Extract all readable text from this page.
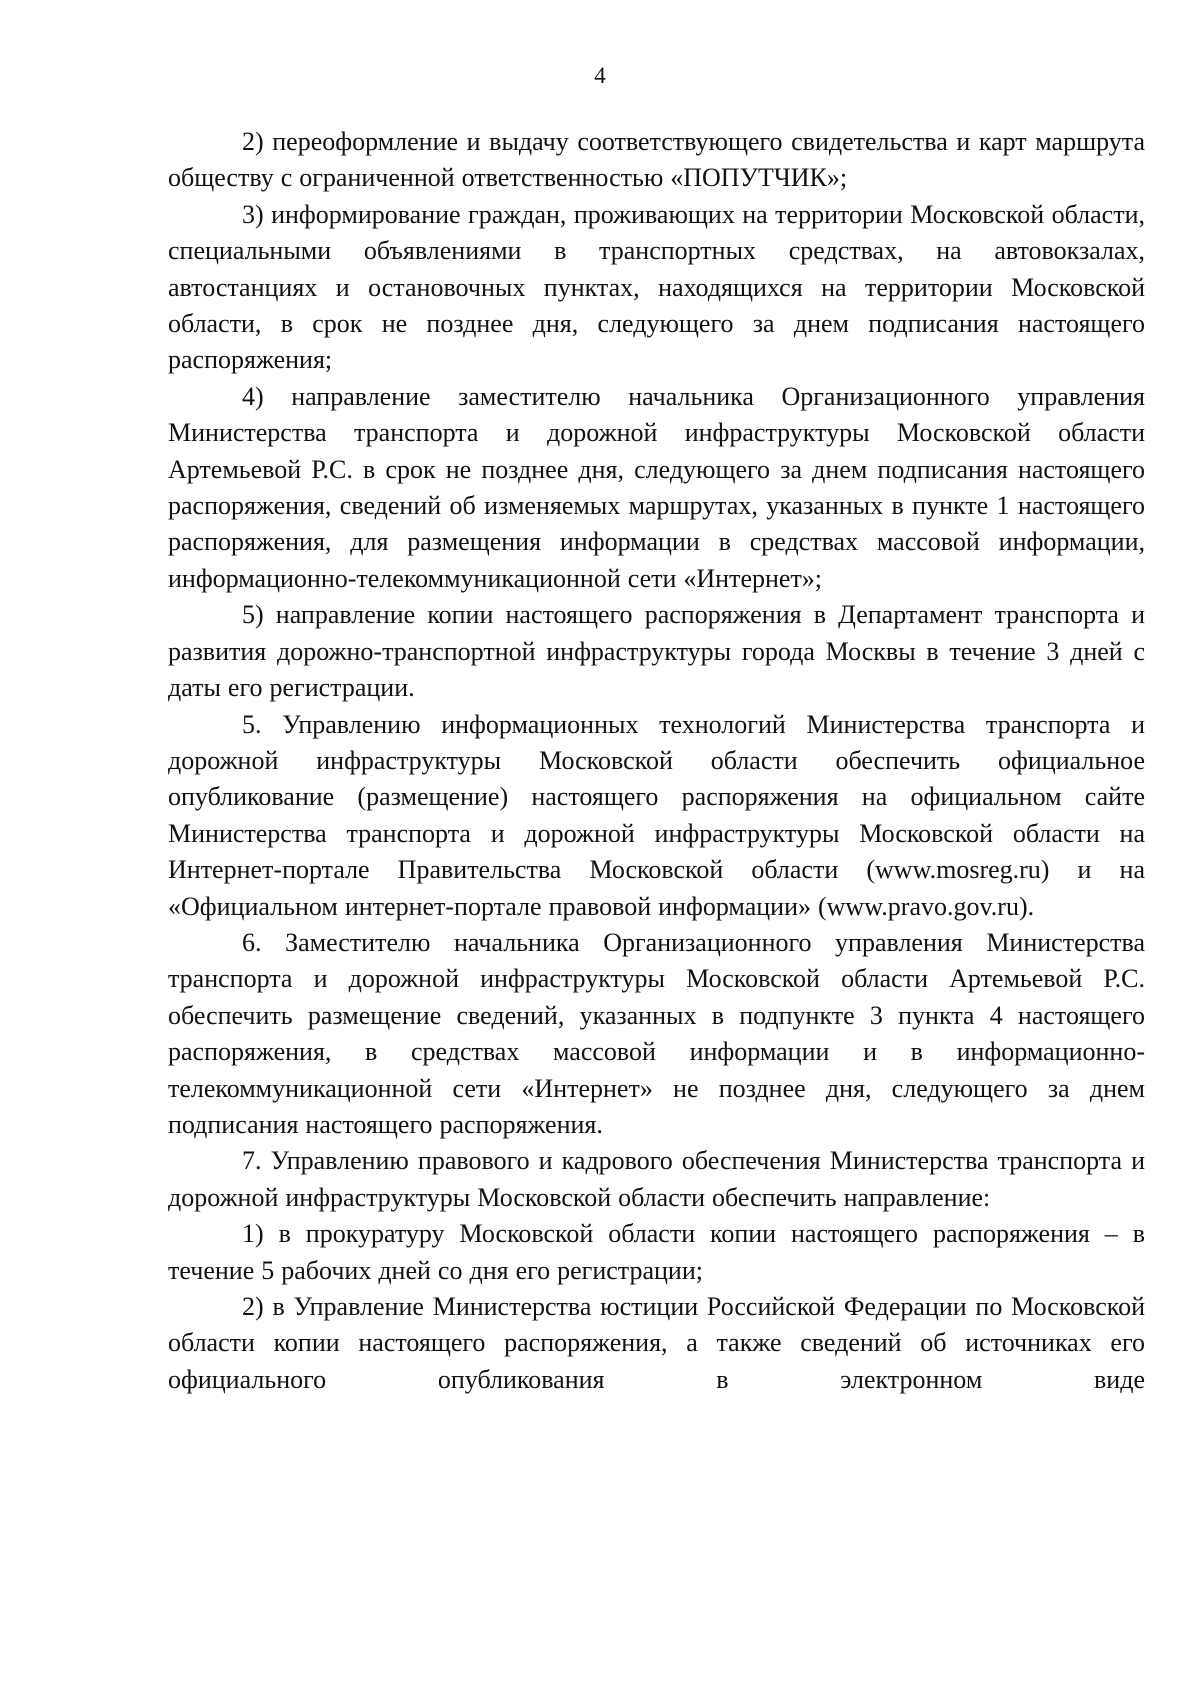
4

2) переоформление и выдачу соответствующего свидетельства и карт маршрута обществу с ограниченной ответственностью «ПОПУТЧИК»;

3) информирование граждан, проживающих на территории Московской области, специальными объявлениями в транспортных средствах, на автовокзалах, автостанциях и остановочных пунктах, находящихся на территории Московской области, в срок не позднее дня, следующего за днем подписания настоящего распоряжения;

4) направление заместителю начальника Организационного управления Министерства транспорта и дорожной инфраструктуры Московской области Артемьевой Р.С. в срок не позднее дня, следующего за днем подписания настоящего распоряжения, сведений об изменяемых маршрутах, указанных в пункте 1 настоящего распоряжения, для размещения информации в средствах массовой информации, информационно-телекоммуникационной сети «Интернет»;

5) направление копии настоящего распоряжения в Департамент транспорта и развития дорожно-транспортной инфраструктуры города Москвы в течение 3 дней с даты его регистрации.

5. Управлению информационных технологий Министерства транспорта и дорожной инфраструктуры Московской области обеспечить официальное опубликование (размещение) настоящего распоряжения на официальном сайте Министерства транспорта и дорожной инфраструктуры Московской области на Интернет-портале Правительства Московской области (www.mosreg.ru) и на «Официальном интернет-портале правовой информации» (www.pravo.gov.ru).

6. Заместителю начальника Организационного управления Министерства транспорта и дорожной инфраструктуры Московской области Артемьевой Р.С. обеспечить размещение сведений, указанных в подпункте 3 пункта 4 настоящего распоряжения, в средствах массовой информации и в информационно-телекоммуникационной сети «Интернет» не позднее дня, следующего за днем подписания настоящего распоряжения.

7. Управлению правового и кадрового обеспечения Министерства транспорта и дорожной инфраструктуры Московской области обеспечить направление:

1) в прокуратуру Московской области копии настоящего распоряжения – в течение 5 рабочих дней со дня его регистрации;

2) в Управление Министерства юстиции Российской Федерации по Московской области копии настоящего распоряжения, а также сведений об источниках его официального опубликования в электронном виде
